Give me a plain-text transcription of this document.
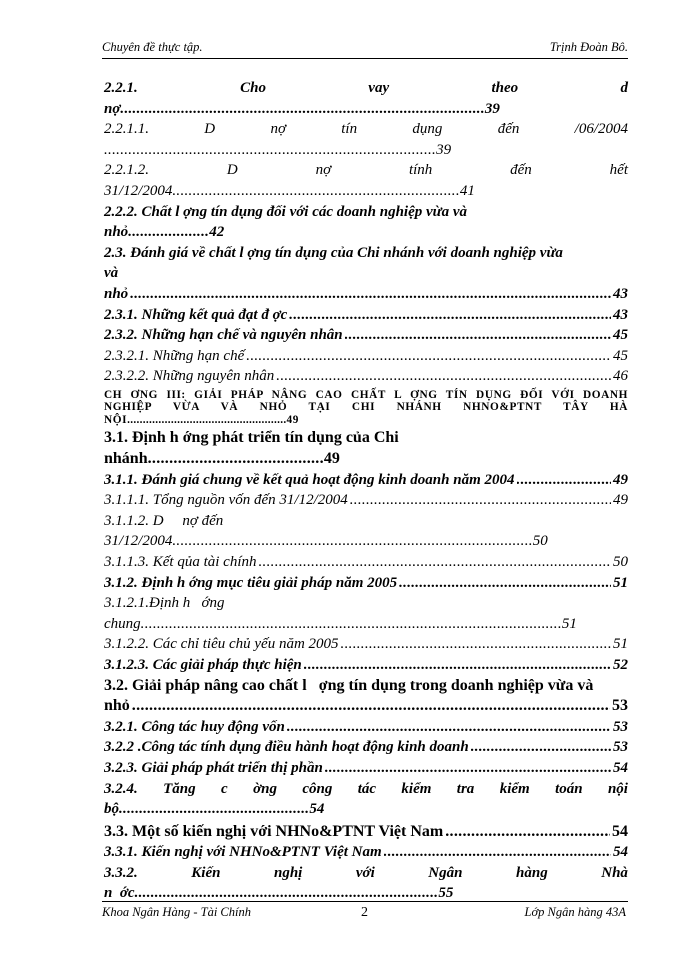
Chuyên đề thực tập.	Trịnh Đoàn Bô.
2.2.1.	Cho	vay	theo	d
nợ..........................................................................................39
2.2.1.1.	D	nợ	tín	dụng	đến	/06/2004
..................................................................................39
2.2.1.2.	D	nợ	tính	đến	hết
31/12/2004.......................................................................41
2.2.2. Chất l ợng tín dụng đối với các doanh nghiệp vừa và
nhỏ....................42
2.3. Đánh giá về chất l ợng tín dụng của Chi nhánh với doanh nghiệp vừa
và
nhỏ .....	43
2.3.1. Những kết quả đạt đ ợc .....	43
2.3.2. Những hạn chế và nguyên nhân .....	45
2.3.2.1. Những hạn chế .....	45
2.3.2.2. Những nguyên nhân .....	46
CH ƠNG III: GIẢI PHÁP NÂNG CAO CHẤT L ỢNG TÍN DỤNG ĐỐI VỚI DOANH
NGHIỆP VỪA VÀ NHỎ TẠI CHI NHÁNH NHNO&PTNT TÂY HÀ
NỘI...................................................49
3.1. Định h ớng phát triển tín dụng của Chi
nhánh.........................................49
3.1.1. Đánh giá chung về kết quả hoạt động kinh doanh năm 2004 .....	49
3.1.1.1. Tổng nguồn vốn đến 31/12/2004 .....	49
3.1.1.2. D     nợ đến
31/12/2004.........................................................................................50
3.1.1.3. Kết qủa tài chính .....	50
3.1.2. Định h ớng mục tiêu giải pháp năm 2005 .....	51
3.1.2.1.Định h   ớng
chung........................................................................................................51
3.1.2.2. Các chỉ tiêu chủ yếu năm 2005 .....	51
3.1.2.3. Các giải pháp thực hiện .....	52
3.2. Giải pháp nâng cao chất l   ợng tín dụng trong doanh nghiệp vừa và
nhỏ .....	53
3.2.1. Công tác huy động vốn .....	53
3.2.2 .Công tác tính dụng điều hành hoạt động kinh doanh .....	53
3.2.3. Giải pháp phát triển thị phần .....	54
3.2.4. Tăng c ờng công tác kiểm tra kiểm toán nội
bộ...............................................54
3.3. Một số kiến nghị với NHNo&PTNT Việt Nam .....	54
3.3.1. Kiến nghị với NHNo&PTNT Việt Nam .....	54
3.3.2.	Kiến	nghị	với	Ngân	hàng	Nhà
n  ớc...........................................................................55
Khoa Ngân Hàng - Tài Chính	2	Lớp Ngân hàng 43A
